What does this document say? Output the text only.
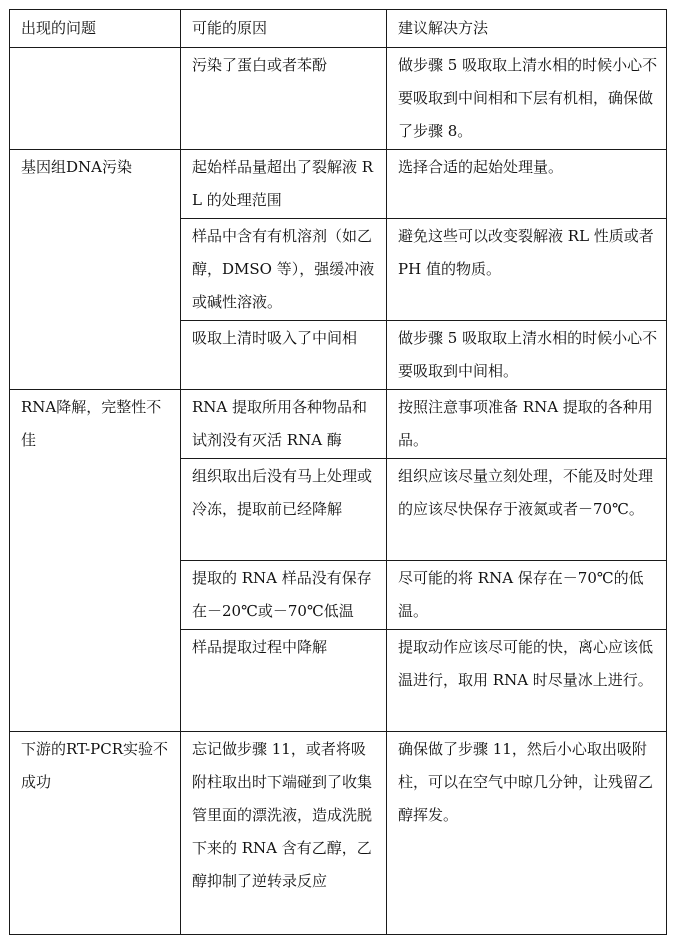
出现的问题	可能的原因	建议解决方法
	污染了蛋白或者苯酚	做步骤 5 吸取取上清水相的时候小心不要吸取到中间相和下层有机相，确保做了步骤 8。
基因组DNA污染	起始样品量超出了裂解液 RL 的处理范围	选择合适的起始处理量。
	样品中含有有机溶剂（如乙醇，DMSO 等），强缓冲液或碱性溶液。	避免这些可以改变裂解液 RL 性质或者 PH 值的物质。
	吸取上清时吸入了中间相	做步骤 5 吸取取上清水相的时候小心不要吸取到中间相。
RNA降解，完整性不佳	RNA 提取所用各种物品和试剂没有灭活 RNA 酶	按照注意事项准备 RNA 提取的各种用品。
	组织取出后没有马上处理或冷冻，提取前已经降解	组织应该尽量立刻处理，不能及时处理的应该尽快保存于液氮或者－70℃。
	提取的 RNA 样品没有保存在－20℃或－70℃低温	尽可能的将 RNA 保存在－70℃的低温。
	样品提取过程中降解	提取动作应该尽可能的快，离心应该低温进行，取用 RNA 时尽量冰上进行。
下游的RT-PCR实验不成功	忘记做步骤 11，或者将吸附柱取出时下端碰到了收集管里面的漂洗液，造成洗脱下来的 RNA 含有乙醇，乙醇抑制了逆转录反应	确保做了步骤 11，然后小心取出吸附柱，可以在空气中晾几分钟，让残留乙醇挥发。
